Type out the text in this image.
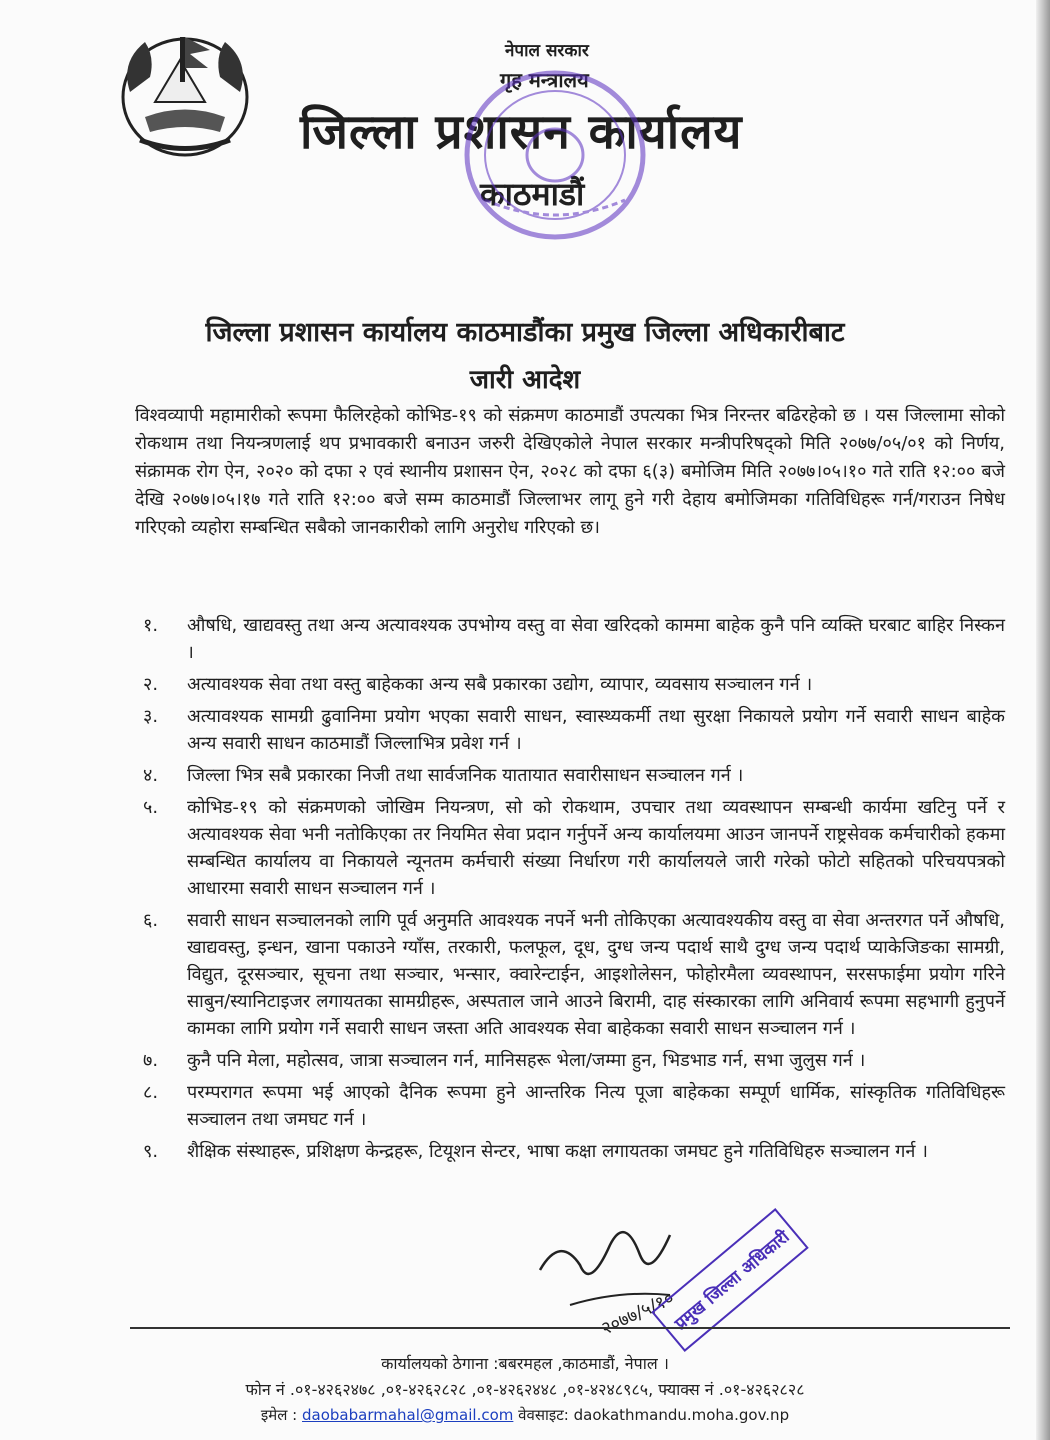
नेपाल सरकार
गृह मन्त्रालय
जिल्ला प्रशासन कार्यालय
काठमाडौं
जिल्ला प्रशासन कार्यालय काठमाडौंका प्रमुख जिल्ला अधिकारीबाट
जारी आदेश
विश्वव्यापी महामारीको रूपमा फैलिरहेको कोभिड-१९ को संक्रमण काठमाडौं उपत्यका भित्र निरन्तर बढिरहेको छ । यस जिल्लामा सोको रोकथाम तथा नियन्त्रणलाई थप प्रभावकारी बनाउन जरुरी देखिएकोले नेपाल सरकार मन्त्रीपरिषद्को मिति २०७७/०५/०१ को निर्णय, संक्रामक रोग ऐन, २०२० को दफा २ एवं स्थानीय प्रशासन ऐन, २०२८ को दफा ६(३) बमोजिम मिति २०७७।०५।१० गते राति १२:०० बजे देखि २०७७।०५।१७ गते राति १२:०० बजे सम्म काठमाडौं जिल्लाभर लागू हुने गरी देहाय बमोजिमका गतिविधिहरू गर्न/गराउन निषेध गरिएको व्यहोरा सम्बन्धित सबैको जानकारीको लागि अनुरोध गरिएको छ।
१. औषधि, खाद्यवस्तु तथा अन्य अत्यावश्यक उपभोग्य वस्तु वा सेवा खरिदको काममा बाहेक कुनै पनि व्यक्ति घरबाट बाहिर निस्कन ।
२. अत्यावश्यक सेवा तथा वस्तु बाहेकका अन्य सबै प्रकारका उद्योग, व्यापार, व्यवसाय सञ्चालन गर्न ।
३. अत्यावश्यक सामग्री ढुवानिमा प्रयोग भएका सवारी साधन, स्वास्थ्यकर्मी तथा सुरक्षा निकायले प्रयोग गर्ने सवारी साधन बाहेक अन्य सवारी साधन काठमाडौं जिल्लाभित्र प्रवेश गर्न ।
४. जिल्ला भित्र सबै प्रकारका निजी तथा सार्वजनिक यातायात सवारीसाधन सञ्चालन गर्न ।
५. कोभिड-१९ को संक्रमणको जोखिम नियन्त्रण, सो को रोकथाम, उपचार तथा व्यवस्थापन सम्बन्धी कार्यमा खटिनु पर्ने र अत्यावश्यक सेवा भनी नतोकिएका तर नियमित सेवा प्रदान गर्नुपर्ने अन्य कार्यालयमा आउन जानपर्ने राष्ट्रसेवक कर्मचारीको हकमा सम्बन्धित कार्यालय वा निकायले न्यूनतम कर्मचारी संख्या निर्धारण गरी कार्यालयले जारी गरेको फोटो सहितको परिचयपत्रको आधारमा सवारी साधन सञ्चालन गर्न ।
६. सवारी साधन सञ्चालनको लागि पूर्व अनुमति आवश्यक नपर्ने भनी तोकिएका अत्यावश्यकीय वस्तु वा सेवा अन्तरगत पर्ने औषधि, खाद्यवस्तु, इन्धन, खाना पकाउने ग्याँस, तरकारी, फलफूल, दूध, दुग्ध जन्य पदार्थ साथै दुग्ध जन्य पदार्थ प्याकेजिङका सामग्री, विद्युत, दूरसञ्चार, सूचना तथा सञ्चार, भन्सार, क्वारेन्टाईन, आइशोलेसन, फोहोरमैला व्यवस्थापन, सरसफाईमा प्रयोग गरिने साबुन/स्यानिटाइजर लगायतका सामग्रीहरू, अस्पताल जाने आउने बिरामी, दाह संस्कारका लागि अनिवार्य रूपमा सहभागी हुनुपर्ने कामका लागि प्रयोग गर्ने सवारी साधन जस्ता अति आवश्यक सेवा बाहेकका सवारी साधन सञ्चालन गर्न ।
७. कुनै पनि मेला, महोत्सव, जात्रा सञ्चालन गर्न, मानिसहरू भेला/जम्मा हुन, भिडभाड गर्न, सभा जुलुस गर्न ।
८. परम्परागत रूपमा भई आएको दैनिक रूपमा हुने आन्तरिक नित्य पूजा बाहेकका सम्पूर्ण धार्मिक, सांस्कृतिक गतिविधिहरू सञ्चालन तथा जमघट गर्न ।
९. शैक्षिक संस्थाहरू, प्रशिक्षण केन्द्रहरू, टियूशन सेन्टर, भाषा कक्षा लगायतका जमघट हुने गतिविधिहरु सञ्चालन गर्न ।
२०७७/५/१०
प्रमुख जिल्ला अधिकारी
कार्यालयको ठेगाना :बबरमहल ,काठमाडौं, नेपाल ।
फोन नं .०१-४२६२४७८ ,०१-४२६२८२८ ,०१-४२६२४४८ ,०१-४२४८९८५, फ्याक्स नं .०१-४२६२८२८
इमेल : daobabarmahal@gmail.com वेवसाइट: daokathmandu.moha.gov.np
